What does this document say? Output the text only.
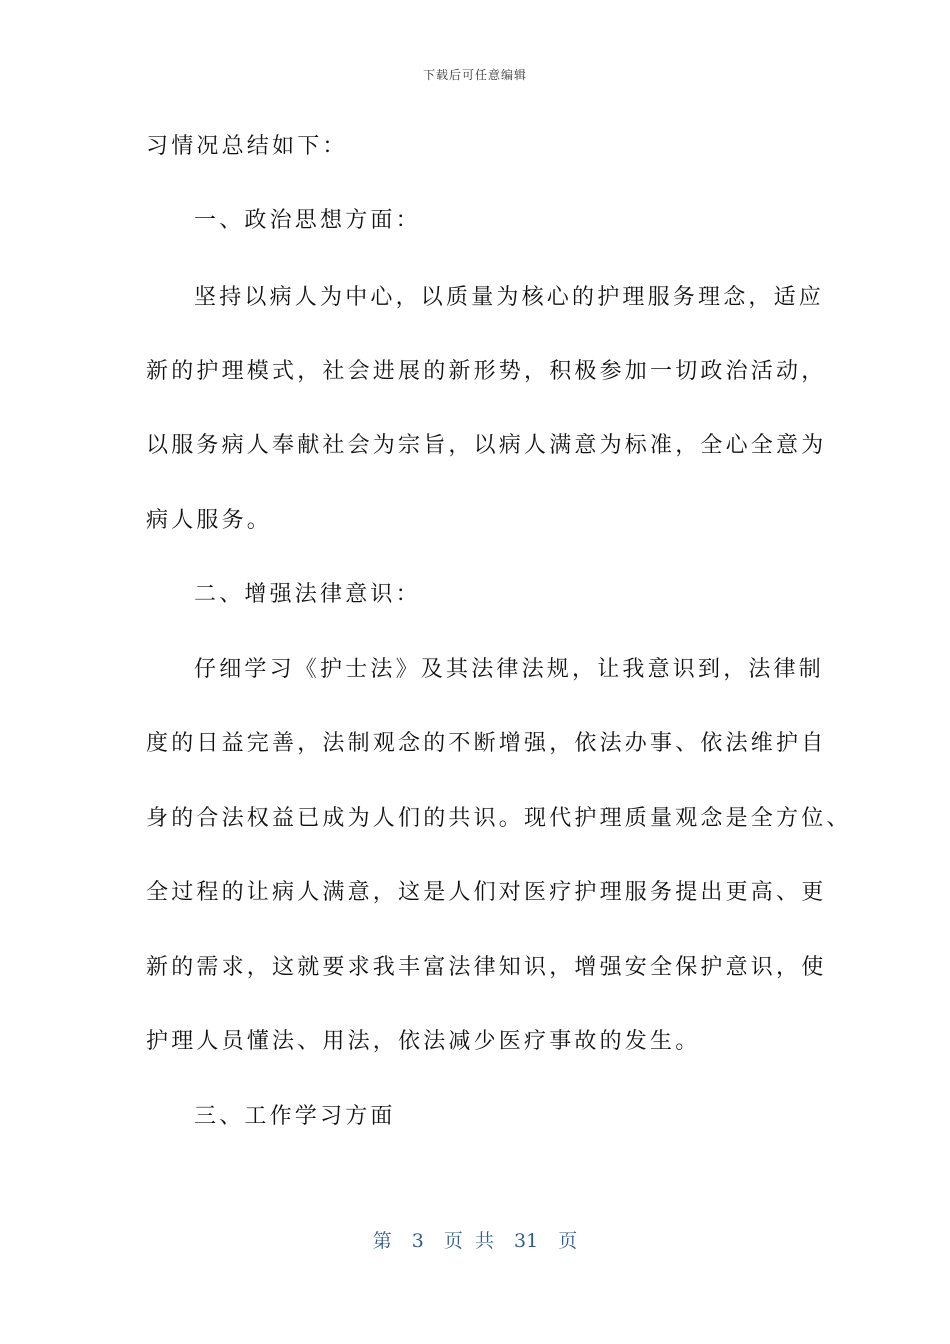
下载后可任意编辑
习情况总结如下：
一、政治思想方面：
坚持以病人为中心，以质量为核心的护理服务理念，适应
新的护理模式，社会进展的新形势，积极参加一切政治活动，
以服务病人奉献社会为宗旨，以病人满意为标准，全心全意为
病人服务。
二、增强法律意识：
仔细学习《护士法》及其法律法规，让我意识到，法律制
度的日益完善，法制观念的不断增强，依法办事、依法维护自
身的合法权益已成为人们的共识。现代护理质量观念是全方位、
全过程的让病人满意，这是人们对医疗护理服务提出更高、更
新的需求，这就要求我丰富法律知识，增强安全保护意识，使
护理人员懂法、用法，依法减少医疗事故的发生。
三、工作学习方面
第 3 页 共 31 页
